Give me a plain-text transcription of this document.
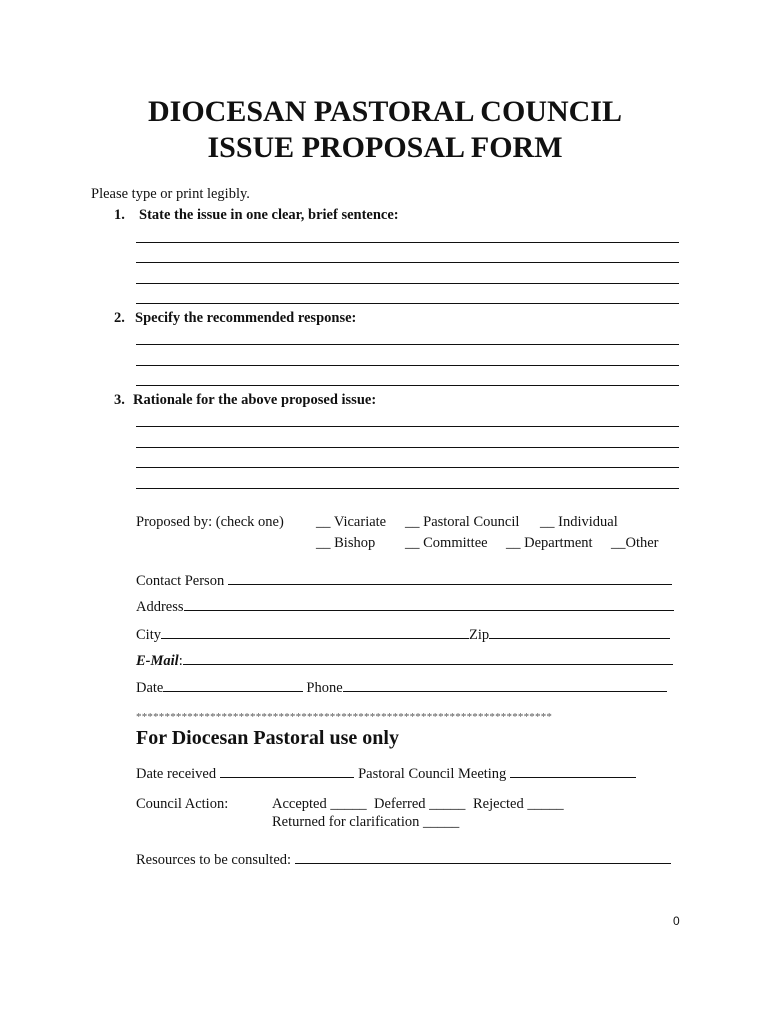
DIOCESAN PASTORAL COUNCIL
ISSUE PROPOSAL FORM
Please type or print legibly.
1. State the issue in one clear, brief sentence:
2. Specify the recommended response:
3. Rationale for the above proposed issue:
Proposed by: (check one) __ Vicariate __ Pastoral Council __ Individual
__ Bishop __ Committee __ Department __Other
Contact Person
Address
City	Zip
E-Mail :
Date	Phone
*************************************************************************
For Diocesan Pastoral use only
Date received	Pastoral Council Meeting
Council Action:	Accepted _____ Deferred _____ Rejected _____
Returned for clarification _____
Resources to be consulted:
0
